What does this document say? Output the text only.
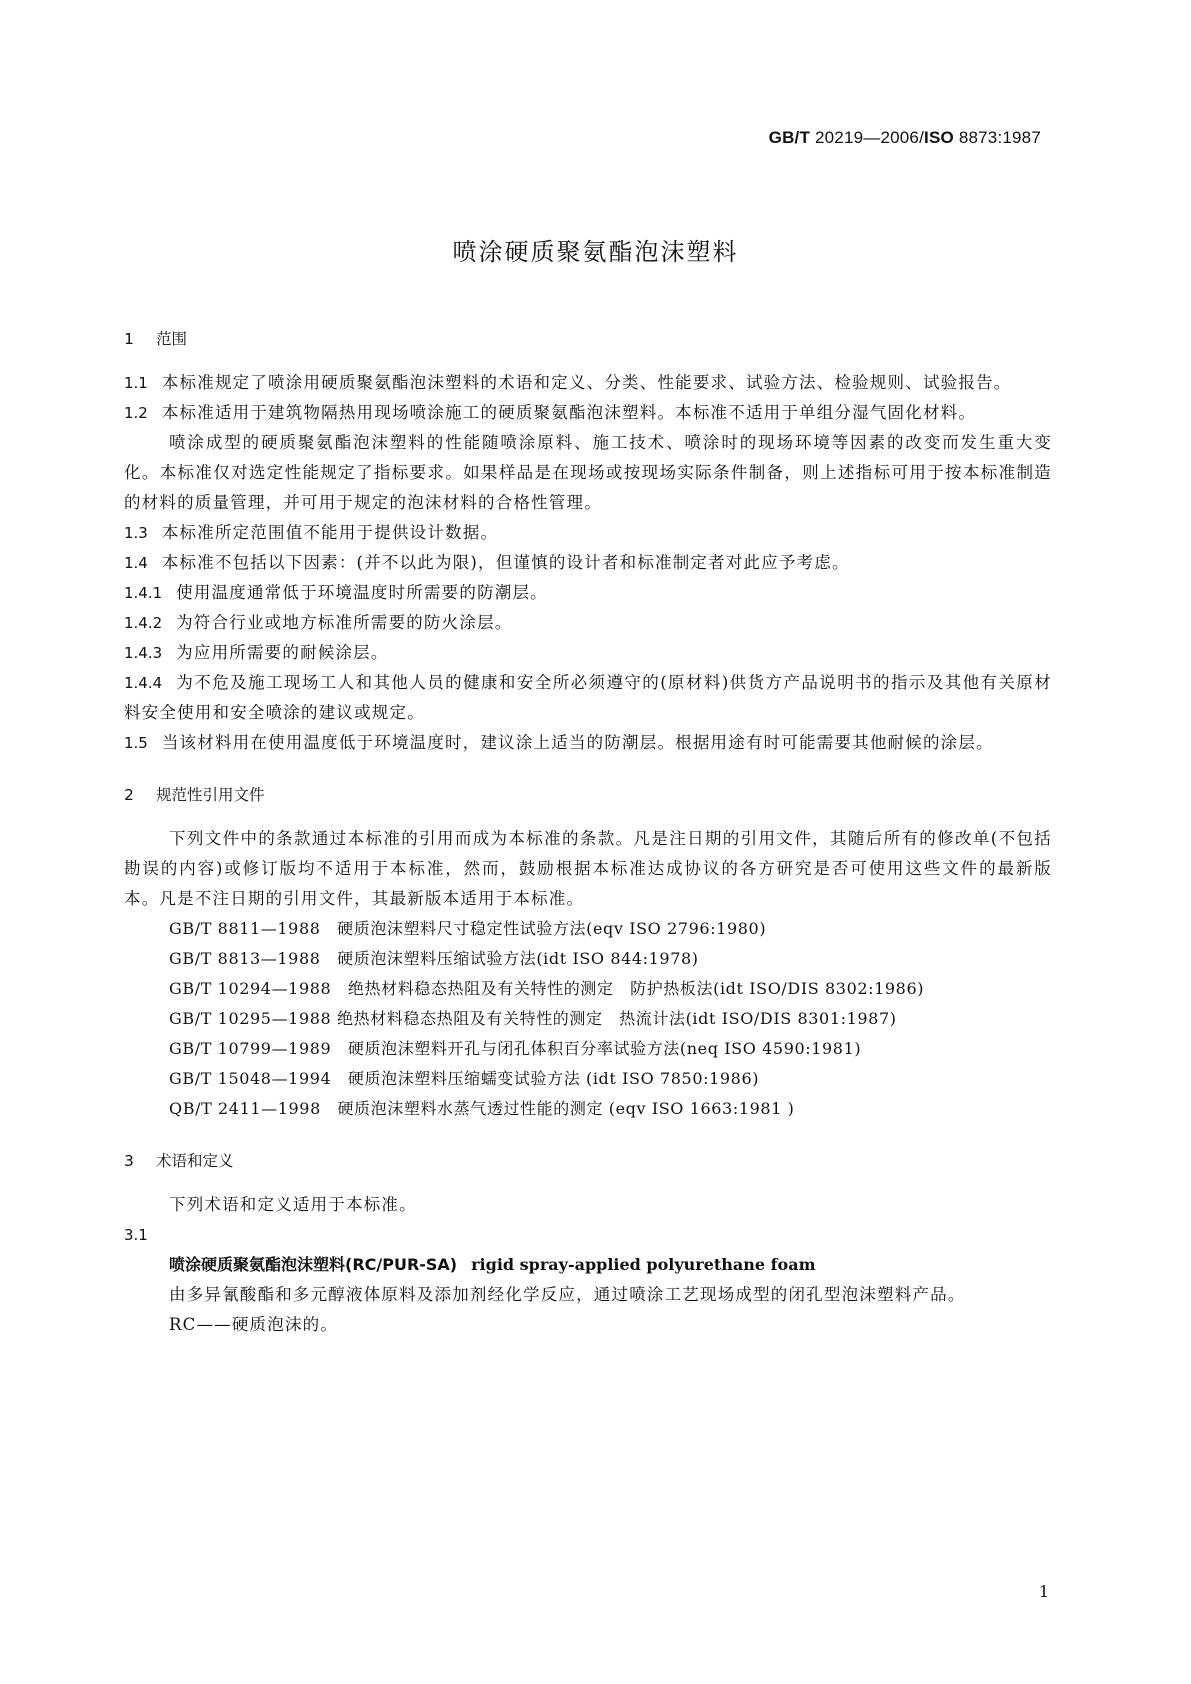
GB/T 20219—2006/ISO 8873:1987
喷涂硬质聚氨酯泡沫塑料
1 范围

1.1 本标准规定了喷涂用硬质聚氨酯泡沫塑料的术语和定义、分类、性能要求、试验方法、检验规则、试验报告。

1.2 本标准适用于建筑物隔热用现场喷涂施工的硬质聚氨酯泡沫塑料。本标准不适用于单组分湿气固化材料。

喷涂成型的硬质聚氨酯泡沫塑料的性能随喷涂原料、施工技术、喷涂时的现场环境等因素的改变而发生重大变化。本标准仅对选定性能规定了指标要求。如果样品是在现场或按现场实际条件制备，则上述指标可用于按本标准制造的材料的质量管理，并可用于规定的泡沫材料的合格性管理。

1.3 本标准所定范围值不能用于提供设计数据。

1.4 本标准不包括以下因素：(并不以此为限)，但谨慎的设计者和标准制定者对此应予考虑。

1.4.1 使用温度通常低于环境温度时所需要的防潮层。

1.4.2 为符合行业或地方标准所需要的防火涂层。

1.4.3 为应用所需要的耐候涂层。

1.4.4 为不危及施工现场工人和其他人员的健康和安全所必须遵守的(原材料)供货方产品说明书的指示及其他有关原材料安全使用和安全喷涂的建议或规定。

1.5 当该材料用在使用温度低于环境温度时，建议涂上适当的防潮层。根据用途有时可能需要其他耐候的涂层。

2 规范性引用文件

下列文件中的条款通过本标准的引用而成为本标准的条款。凡是注日期的引用文件，其随后所有的修改单(不包括勘误的内容)或修订版均不适用于本标准，然而，鼓励根据本标准达成协议的各方研究是否可使用这些文件的最新版本。凡是不注日期的引用文件，其最新版本适用于本标准。

GB/T 8811—1988　硬质泡沫塑料尺寸稳定性试验方法(eqv ISO 2796:1980)

GB/T 8813—1988　硬质泡沫塑料压缩试验方法(idt ISO 844:1978)

GB/T 10294—1988　绝热材料稳态热阻及有关特性的测定　防护热板法(idt ISO/DIS 8302:1986)

GB/T 10295—1988 绝热材料稳态热阻及有关特性的测定　热流计法(idt ISO/DIS 8301:1987)

GB/T 10799—1989　硬质泡沫塑料开孔与闭孔体积百分率试验方法(neq ISO 4590:1981)

GB/T 15048—1994　硬质泡沫塑料压缩蠕变试验方法 (idt ISO 7850:1986)

QB/T 2411—1998　硬质泡沫塑料水蒸气透过性能的测定 (eqv ISO 1663:1981 )

3 术语和定义

下列术语和定义适用于本标准。

3.1

喷涂硬质聚氨酯泡沫塑料(RC/PUR-SA) rigid spray-applied polyurethane foam

由多异氰酸酯和多元醇液体原料及添加剂经化学反应，通过喷涂工艺现场成型的闭孔型泡沫塑料产品。

RC——硬质泡沫的。

1
